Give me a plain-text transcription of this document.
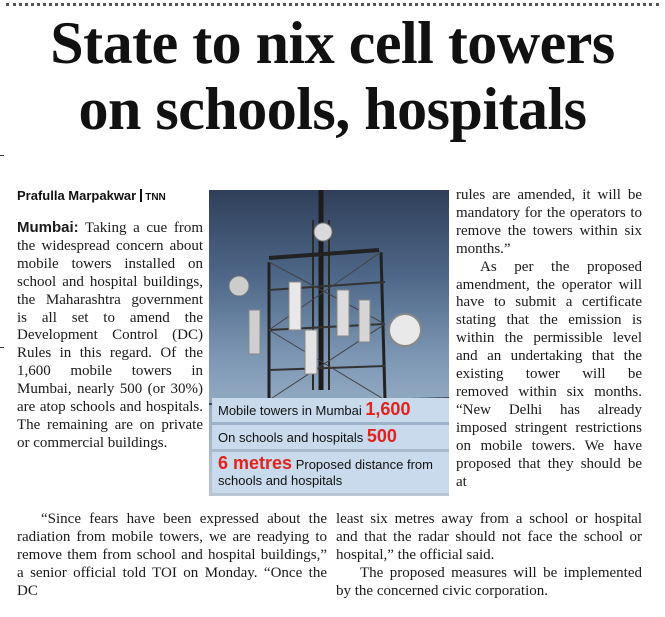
State to nix cell towers
on schools, hospitals
Prafulla Marpakwar TNN

Mumbai: Taking a cue from the widespread concern about mobile towers installed on school and hospital buildings, the Maharashtra government is all set to amend the Development Control (DC) Rules in this regard. Of the 1,600 mobile towers in Mumbai, nearly 500 (or 30%) are atop schools and hospitals. The remaining are on private or commercial buildings.

Mobile towers in Mumbai 1,600
On schools and hospitals 500
6 metres Proposed distance from schools and hospitals

rules are amended, it will be mandatory for the operators to remove the towers within six months.”

As per the proposed amendment, the operator will have to submit a certificate stating that the emission is within the permissible level and an undertaking that the existing tower will be removed within six months. “New Delhi has already imposed stringent restrictions on mobile towers. We have proposed that they should be at

“Since fears have been expressed about the radiation from mobile towers, we are readying to remove them from school and hospital buildings,” a senior official told TOI on Monday. “Once the DC

least six metres away from a school or hospital and that the radar should not face the school or hospital,” the official said.

The proposed measures will be implemented by the concerned civic corporation.
